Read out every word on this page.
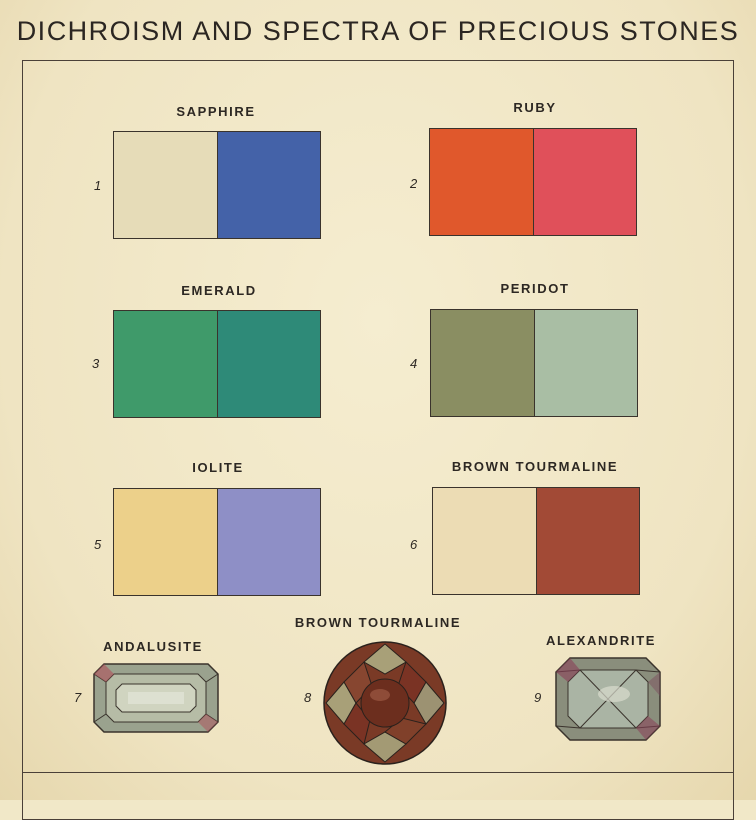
DICHROISM AND SPECTRA OF PRECIOUS STONES
SAPPHIRE
1
RUBY
2
EMERALD
3
PERIDOT
4
IOLITE
5
BROWN TOURMALINE
6
ANDALUSITE
7
BROWN TOURMALINE
8
ALEXANDRITE
9
